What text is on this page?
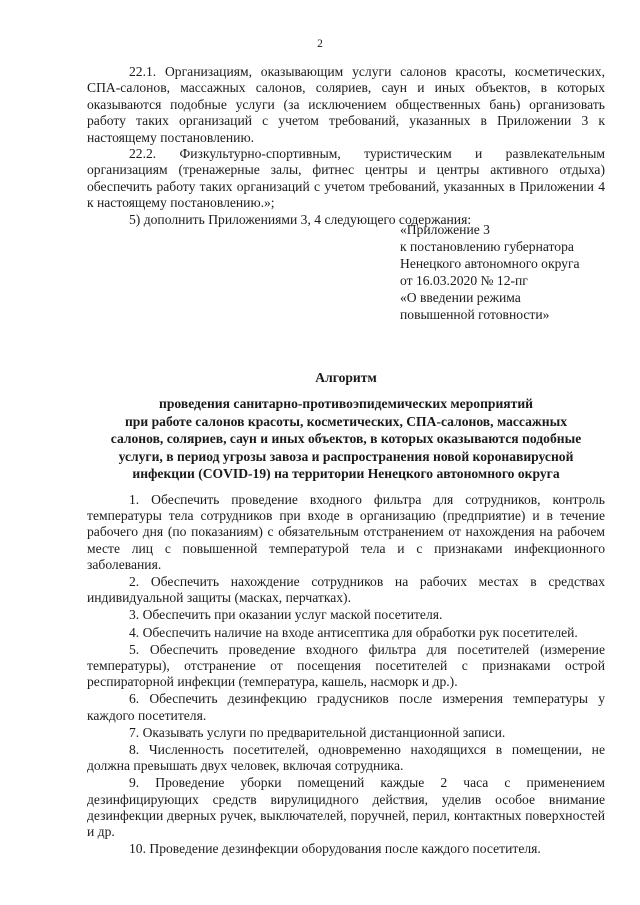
2

22.1. Организациям, оказывающим услуги салонов красоты, косметических, СПА-салонов, массажных салонов, соляриев, саун и иных объектов, в которых оказываются подобные услуги (за исключением общественных бань) организовать работу таких организаций с учетом требований, указанных в Приложении 3 к настоящему постановлению.

22.2. Физкультурно-спортивным, туристическим и развлекательным организациям (тренажерные залы, фитнес центры и центры активного отдыха) обеспечить работу таких организаций с учетом требований, указанных в Приложении 4 к настоящему постановлению.»;

5) дополнить Приложениями 3, 4 следующего содержания:

«Приложение 3
к постановлению губернатора
Ненецкого автономного округа
от 16.03.2020 № 12-пг
«О введении режима
повышенной готовности»
Алгоритм
проведения санитарно-противоэпидемических мероприятий
при работе салонов красоты, косметических, СПА-салонов, массажных
салонов, соляриев, саун и иных объектов, в которых оказываются подобные
услуги, в период угрозы завоза и распространения новой коронавирусной
инфекции (COVID-19) на территории Ненецкого автономного округа

1. Обеспечить проведение входного фильтра для сотрудников, контроль температуры тела сотрудников при входе в организацию (предприятие) и в течение рабочего дня (по показаниям) с обязательным отстранением от нахождения на рабочем месте лиц с повышенной температурой тела и с признаками инфекционного заболевания.

2. Обеспечить нахождение сотрудников на рабочих местах в средствах индивидуальной защиты (масках, перчатках).

3. Обеспечить при оказании услуг маской посетителя.

4. Обеспечить наличие на входе антисептика для обработки рук посетителей.

5. Обеспечить проведение входного фильтра для посетителей (измерение температуры), отстранение от посещения посетителей с признаками острой респираторной инфекции (температура, кашель, насморк и др.).

6. Обеспечить дезинфекцию градусников после измерения температуры у каждого посетителя.

7. Оказывать услуги по предварительной дистанционной записи.

8. Численность посетителей, одновременно находящихся в помещении, не должна превышать двух человек, включая сотрудника.

9. Проведение уборки помещений каждые 2 часа с применением дезинфицирующих средств вирулицидного действия, уделив особое внимание дезинфекции дверных ручек, выключателей, поручней, перил, контактных поверхностей и др.

10. Проведение дезинфекции оборудования после каждого посетителя.
